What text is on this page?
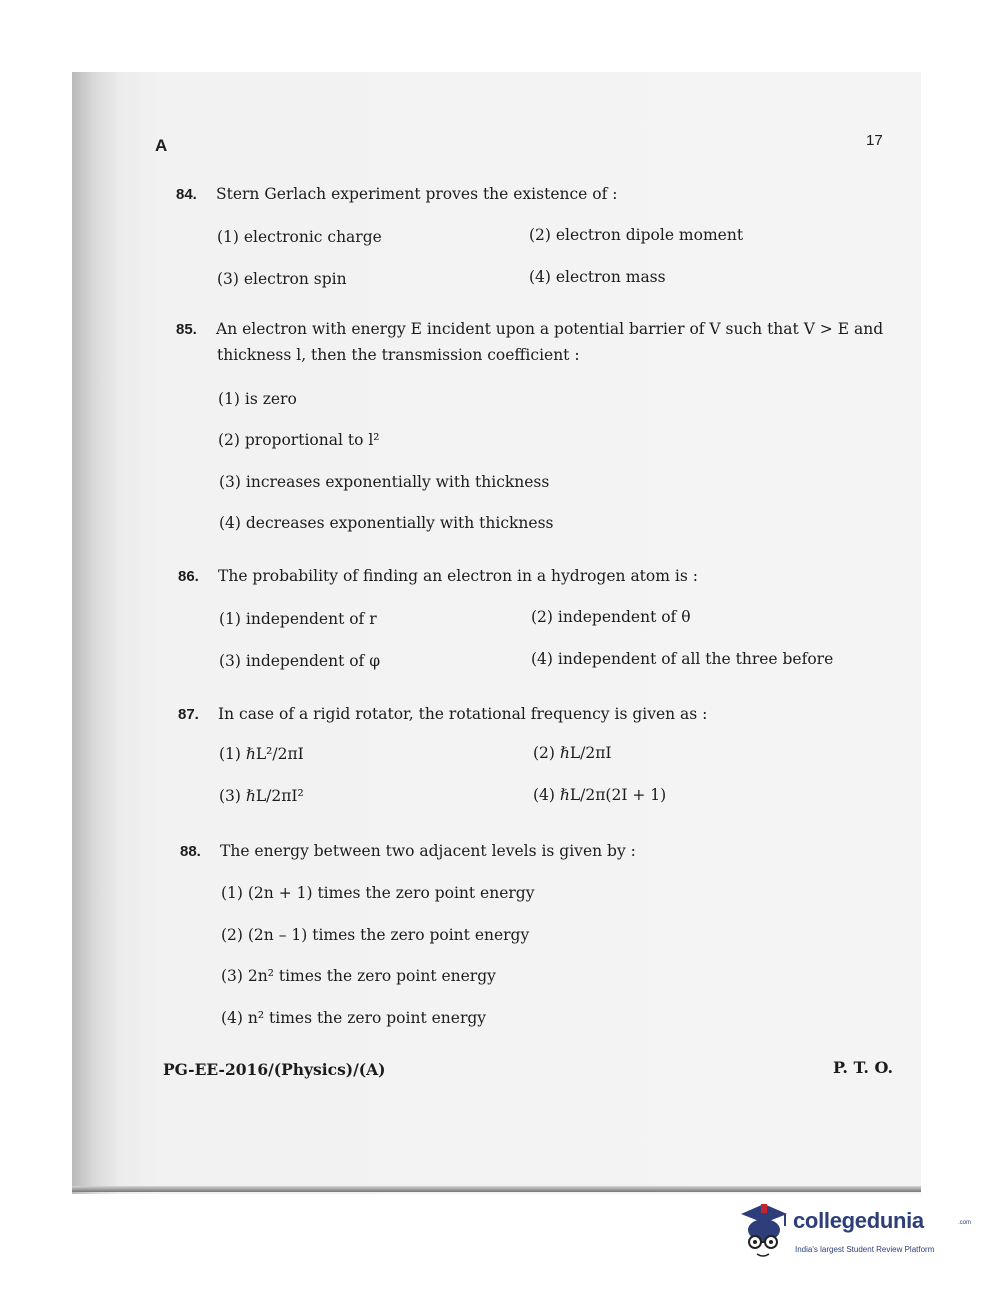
A	17
84. Stern Gerlach experiment proves the existence of :
(1) electronic charge	(2) electron dipole moment
(3) electron spin	(4) electron mass
85. An electron with energy E incident upon a potential barrier of V such that V > E and
thickness l, then the transmission coefficient :
(1) is zero
(2) proportional to l²
(3) increases exponentially with thickness
(4) decreases exponentially with thickness
86. The probability of finding an electron in a hydrogen atom is :
(1) independent of r	(2) independent of θ
(3) independent of φ	(4) independent of all the three before
87. In case of a rigid rotator, the rotational frequency is given as :
(1) ℏL²/2πI	(2) ℏL/2πI
(3) ℏL/2πI²	(4) ℏL/2π(2I + 1)
88. The energy between two adjacent levels is given by :
(1) (2n + 1) times the zero point energy
(2) (2n – 1) times the zero point energy
(3) 2n² times the zero point energy
(4) n² times the zero point energy
PG-EE-2016/(Physics)/(A)	P. T. O.
collegedunia	.com
India's largest Student Review Platform
